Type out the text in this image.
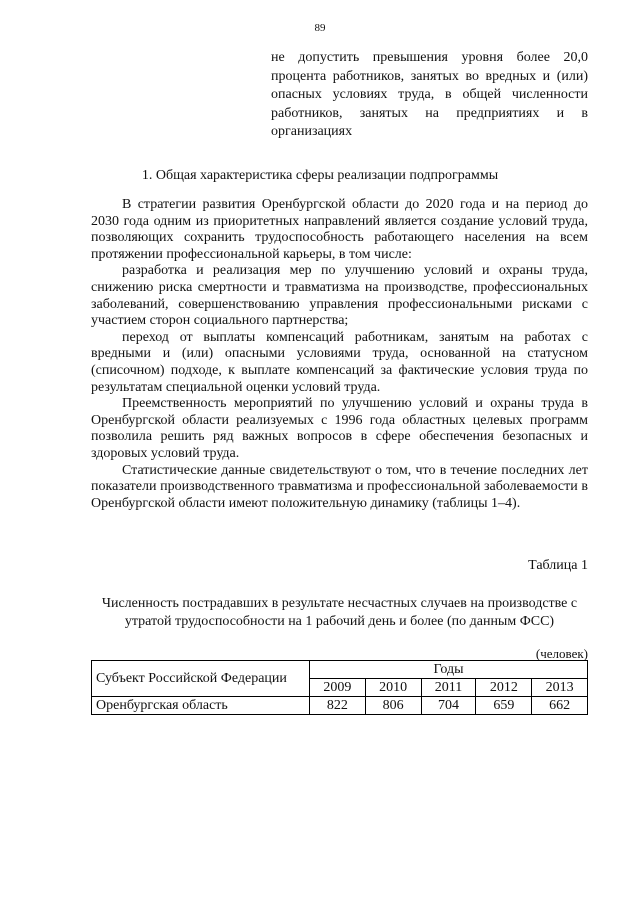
89

не допустить превышения уровня более 20,0 процента работников, занятых во вредных и (или) опасных условиях труда, в общей численности работников, занятых на предприятиях и в организациях

1. Общая характеристика сферы реализации подпрограммы

В стратегии развития Оренбургской области до 2020 года и на период до 2030 года одним из приоритетных направлений является создание условий труда, позволяющих сохранить трудоспособность работающего населения на всем протяжении профессиональной карьеры, в том числе:

разработка и реализация мер по улучшению условий и охраны труда, снижению риска смертности и травматизма на производстве, профессиональных заболеваний, совершенствованию управления профессиональными рисками с участием сторон социального партнерства;

переход от выплаты компенсаций работникам, занятым на работах с вредными и (или) опасными условиями труда, основанной на статусном (списочном) подходе, к выплате компенсаций за фактические условия труда по результатам специальной оценки условий труда.

Преемственность мероприятий по улучшению условий и охраны труда в Оренбургской области реализуемых с 1996 года областных целевых программ позволила решить ряд важных вопросов в сфере обеспечения безопасных и здоровых условий труда.

Статистические данные свидетельствуют о том, что в течение последних лет показатели производственного травматизма и профессиональной заболеваемости в Оренбургской области имеют положительную динамику (таблицы 1–4).

Таблица 1
Численность пострадавших в результате несчастных случаев на производстве с утратой трудоспособности на 1 рабочий день и более (по данным ФСС)
(человек)
Субъект Российской Федерации	Годы				
	2009	2010	2011	2012	2013
Оренбургская область	822	806	704	659	662
